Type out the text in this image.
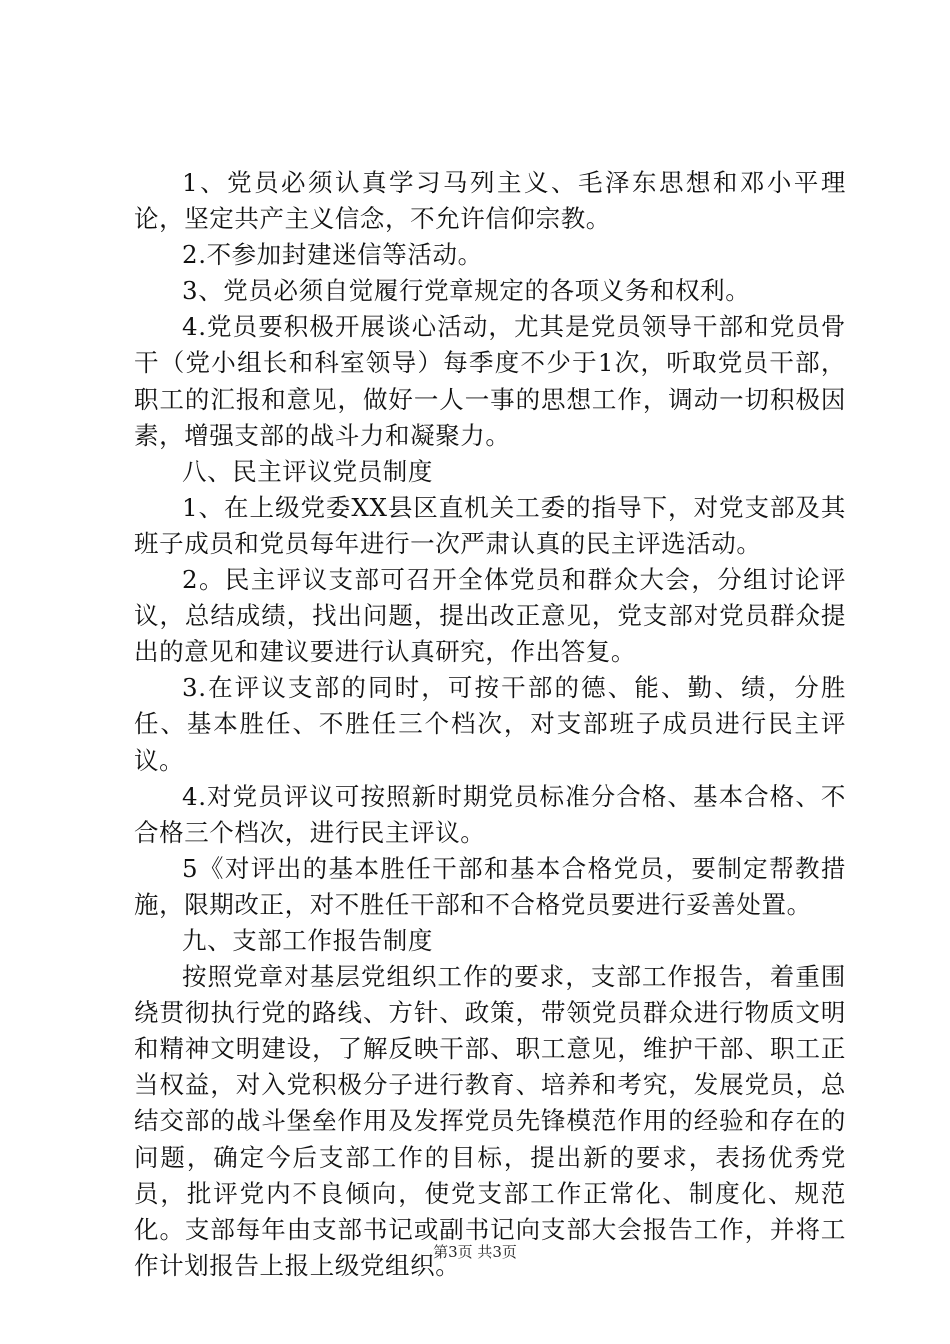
1、党员必须认真学习马列主义、毛泽东思想和邓小平理论，坚定共产主义信念，不允许信仰宗教。

2.不参加封建迷信等活动。

3、党员必须自觉履行党章规定的各项义务和权利。

4.党员要积极开展谈心活动，尤其是党员领导干部和党员骨干（党小组长和科室领导）每季度不少于1次，听取党员干部，职工的汇报和意见，做好一人一事的思想工作，调动一切积极因素，增强支部的战斗力和凝聚力。

八、民主评议党员制度

1、在上级党委XX县区直机关工委的指导下，对党支部及其班子成员和党员每年进行一次严肃认真的民主评选活动。

2。民主评议支部可召开全体党员和群众大会，分组讨论评议，总结成绩，找出问题，提出改正意见，党支部对党员群众提出的意见和建议要进行认真研究，作出答复。

3.在评议支部的同时，可按干部的德、能、勤、绩，分胜任、基本胜任、不胜任三个档次，对支部班子成员进行民主评议。

4.对党员评议可按照新时期党员标准分合格、基本合格、不合格三个档次，进行民主评议。

5《对评出的基本胜任干部和基本合格党员，要制定帮教措施，限期改正，对不胜任干部和不合格党员要进行妥善处置。

九、支部工作报告制度

按照党章对基层党组织工作的要求，支部工作报告，着重围绕贯彻执行党的路线、方针、政策，带领党员群众进行物质文明和精神文明建设，了解反映干部、职工意见，维护干部、职工正当权益，对入党积极分子进行教育、培养和考究，发展党员，总结交部的战斗堡垒作用及发挥党员先锋模范作用的经验和存在的问题，确定今后支部工作的目标，提出新的要求，表扬优秀党员，批评党内不良倾向，使党支部工作正常化、制度化、规范化。支部每年由支部书记或副书记向支部大会报告工作，并将工作计划报告上报上级党组织。

第3页 共3页
